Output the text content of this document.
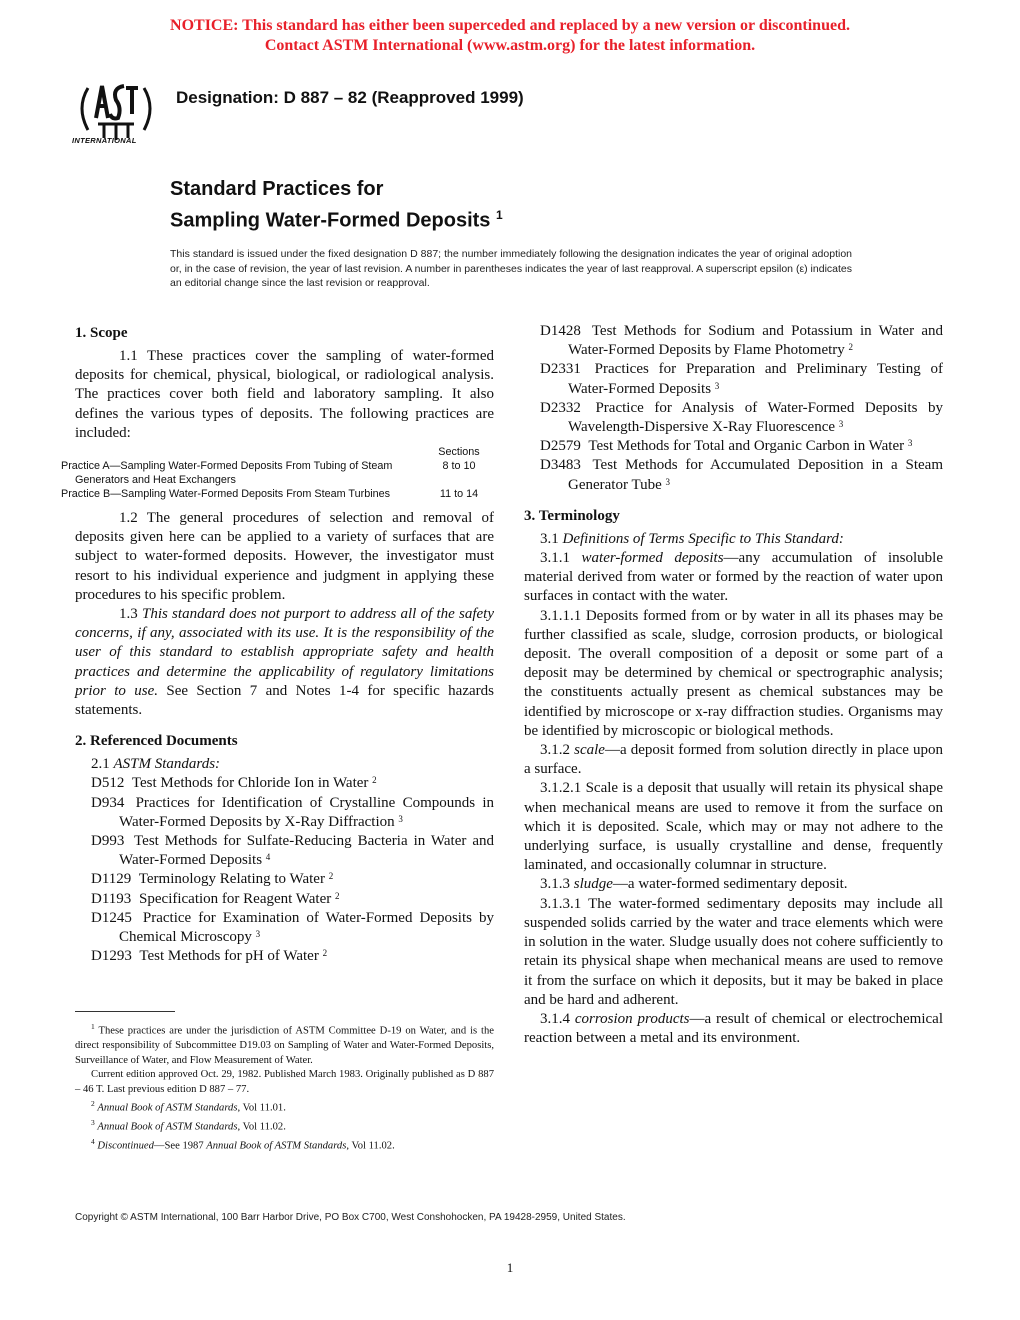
NOTICE: This standard has either been superceded and replaced by a new version or discontinued.
Contact ASTM International (www.astm.org) for the latest information.
INTERNATIONAL
Designation: D 887 – 82 (Reapproved 1999)
Standard Practices for
Sampling Water-Formed Deposits $^1$
This standard is issued under the fixed designation D 887; the number immediately following the designation indicates the year of original adoption or, in the case of revision, the year of last revision. A number in parentheses indicates the year of last reapproval. A superscript epsilon (ε) indicates an editorial change since the last revision or reapproval.
1. Scope

1.1 These practices cover the sampling of water-formed deposits for chemical, physical, biological, or radiological analysis. The practices cover both field and laboratory sampling. It also defines the various types of deposits. The following practices are included:

	Sections
Practice A—Sampling Water-Formed Deposits From Tubing of Steam Generators and Heat Exchangers	8 to 10
Practice B—Sampling Water-Formed Deposits From Steam Turbines	11 to 14

1.2 The general procedures of selection and removal of deposits given here can be applied to a variety of surfaces that are subject to water-formed deposits. However, the investigator must resort to his individual experience and judgment in applying these procedures to his specific problem.

1.3 This standard does not purport to address all of the safety concerns, if any, associated with its use. It is the responsibility of the user of this standard to establish appropriate safety and health practices and determine the applicability of regulatory limitations prior to use. See Section 7 and Notes 1-4 for specific hazards statements.

2. Referenced Documents

2.1 ASTM Standards:

D512 Test Methods for Chloride Ion in Water $^2$

D934 Practices for Identification of Crystalline Compounds in Water-Formed Deposits by X-Ray Diffraction $^3$

D993 Test Methods for Sulfate-Reducing Bacteria in Water and Water-Formed Deposits $^4$

D1129 Terminology Relating to Water $^2$

D1193 Specification for Reagent Water $^2$

D1245 Practice for Examination of Water-Formed Deposits by Chemical Microscopy $^3$

D1293 Test Methods for pH of Water $^2$

D1428 Test Methods for Sodium and Potassium in Water and Water-Formed Deposits by Flame Photometry $^2$

D2331 Practices for Preparation and Preliminary Testing of Water-Formed Deposits $^3$

D2332 Practice for Analysis of Water-Formed Deposits by Wavelength-Dispersive X-Ray Fluorescence $^3$

D2579 Test Methods for Total and Organic Carbon in Water $^3$

D3483 Test Methods for Accumulated Deposition in a Steam Generator Tube $^3$

3. Terminology

3.1 Definitions of Terms Specific to This Standard:

3.1.1 water-formed deposits—any accumulation of insoluble material derived from water or formed by the reaction of water upon surfaces in contact with the water.

3.1.1.1 Deposits formed from or by water in all its phases may be further classified as scale, sludge, corrosion products, or biological deposit. The overall composition of a deposit or some part of a deposit may be determined by chemical or spectrographic analysis; the constituents actually present as chemical substances may be identified by microscope or x-ray diffraction studies. Organisms may be identified by microscopic or biological methods.

3.1.2 scale—a deposit formed from solution directly in place upon a surface.

3.1.2.1 Scale is a deposit that usually will retain its physical shape when mechanical means are used to remove it from the surface on which it is deposited. Scale, which may or may not adhere to the underlying surface, is usually crystalline and dense, frequently laminated, and occasionally columnar in structure.

3.1.3 sludge—a water-formed sedimentary deposit.

3.1.3.1 The water-formed sedimentary deposits may include all suspended solids carried by the water and trace elements which were in solution in the water. Sludge usually does not cohere sufficiently to retain its physical shape when mechanical means are used to remove it from the surface on which it deposits, but it may be baked in place and be hard and adherent.

3.1.4 corrosion products—a result of chemical or electrochemical reaction between a metal and its environment.

$^1$ These practices are under the jurisdiction of ASTM Committee D-19 on Water, and is the direct responsibility of Subcommittee D19.03 on Sampling of Water and Water-Formed Deposits, Surveillance of Water, and Flow Measurement of Water.

Current edition approved Oct. 29, 1982. Published March 1983. Originally published as D 887 – 46 T. Last previous edition D 887 – 77.

$^2$ Annual Book of ASTM Standards, Vol 11.01.

$^3$ Annual Book of ASTM Standards, Vol 11.02.

$^4$ Discontinued—See 1987 Annual Book of ASTM Standards, Vol 11.02.

Copyright © ASTM International, 100 Barr Harbor Drive, PO Box C700, West Conshohocken, PA 19428-2959, United States.
1
